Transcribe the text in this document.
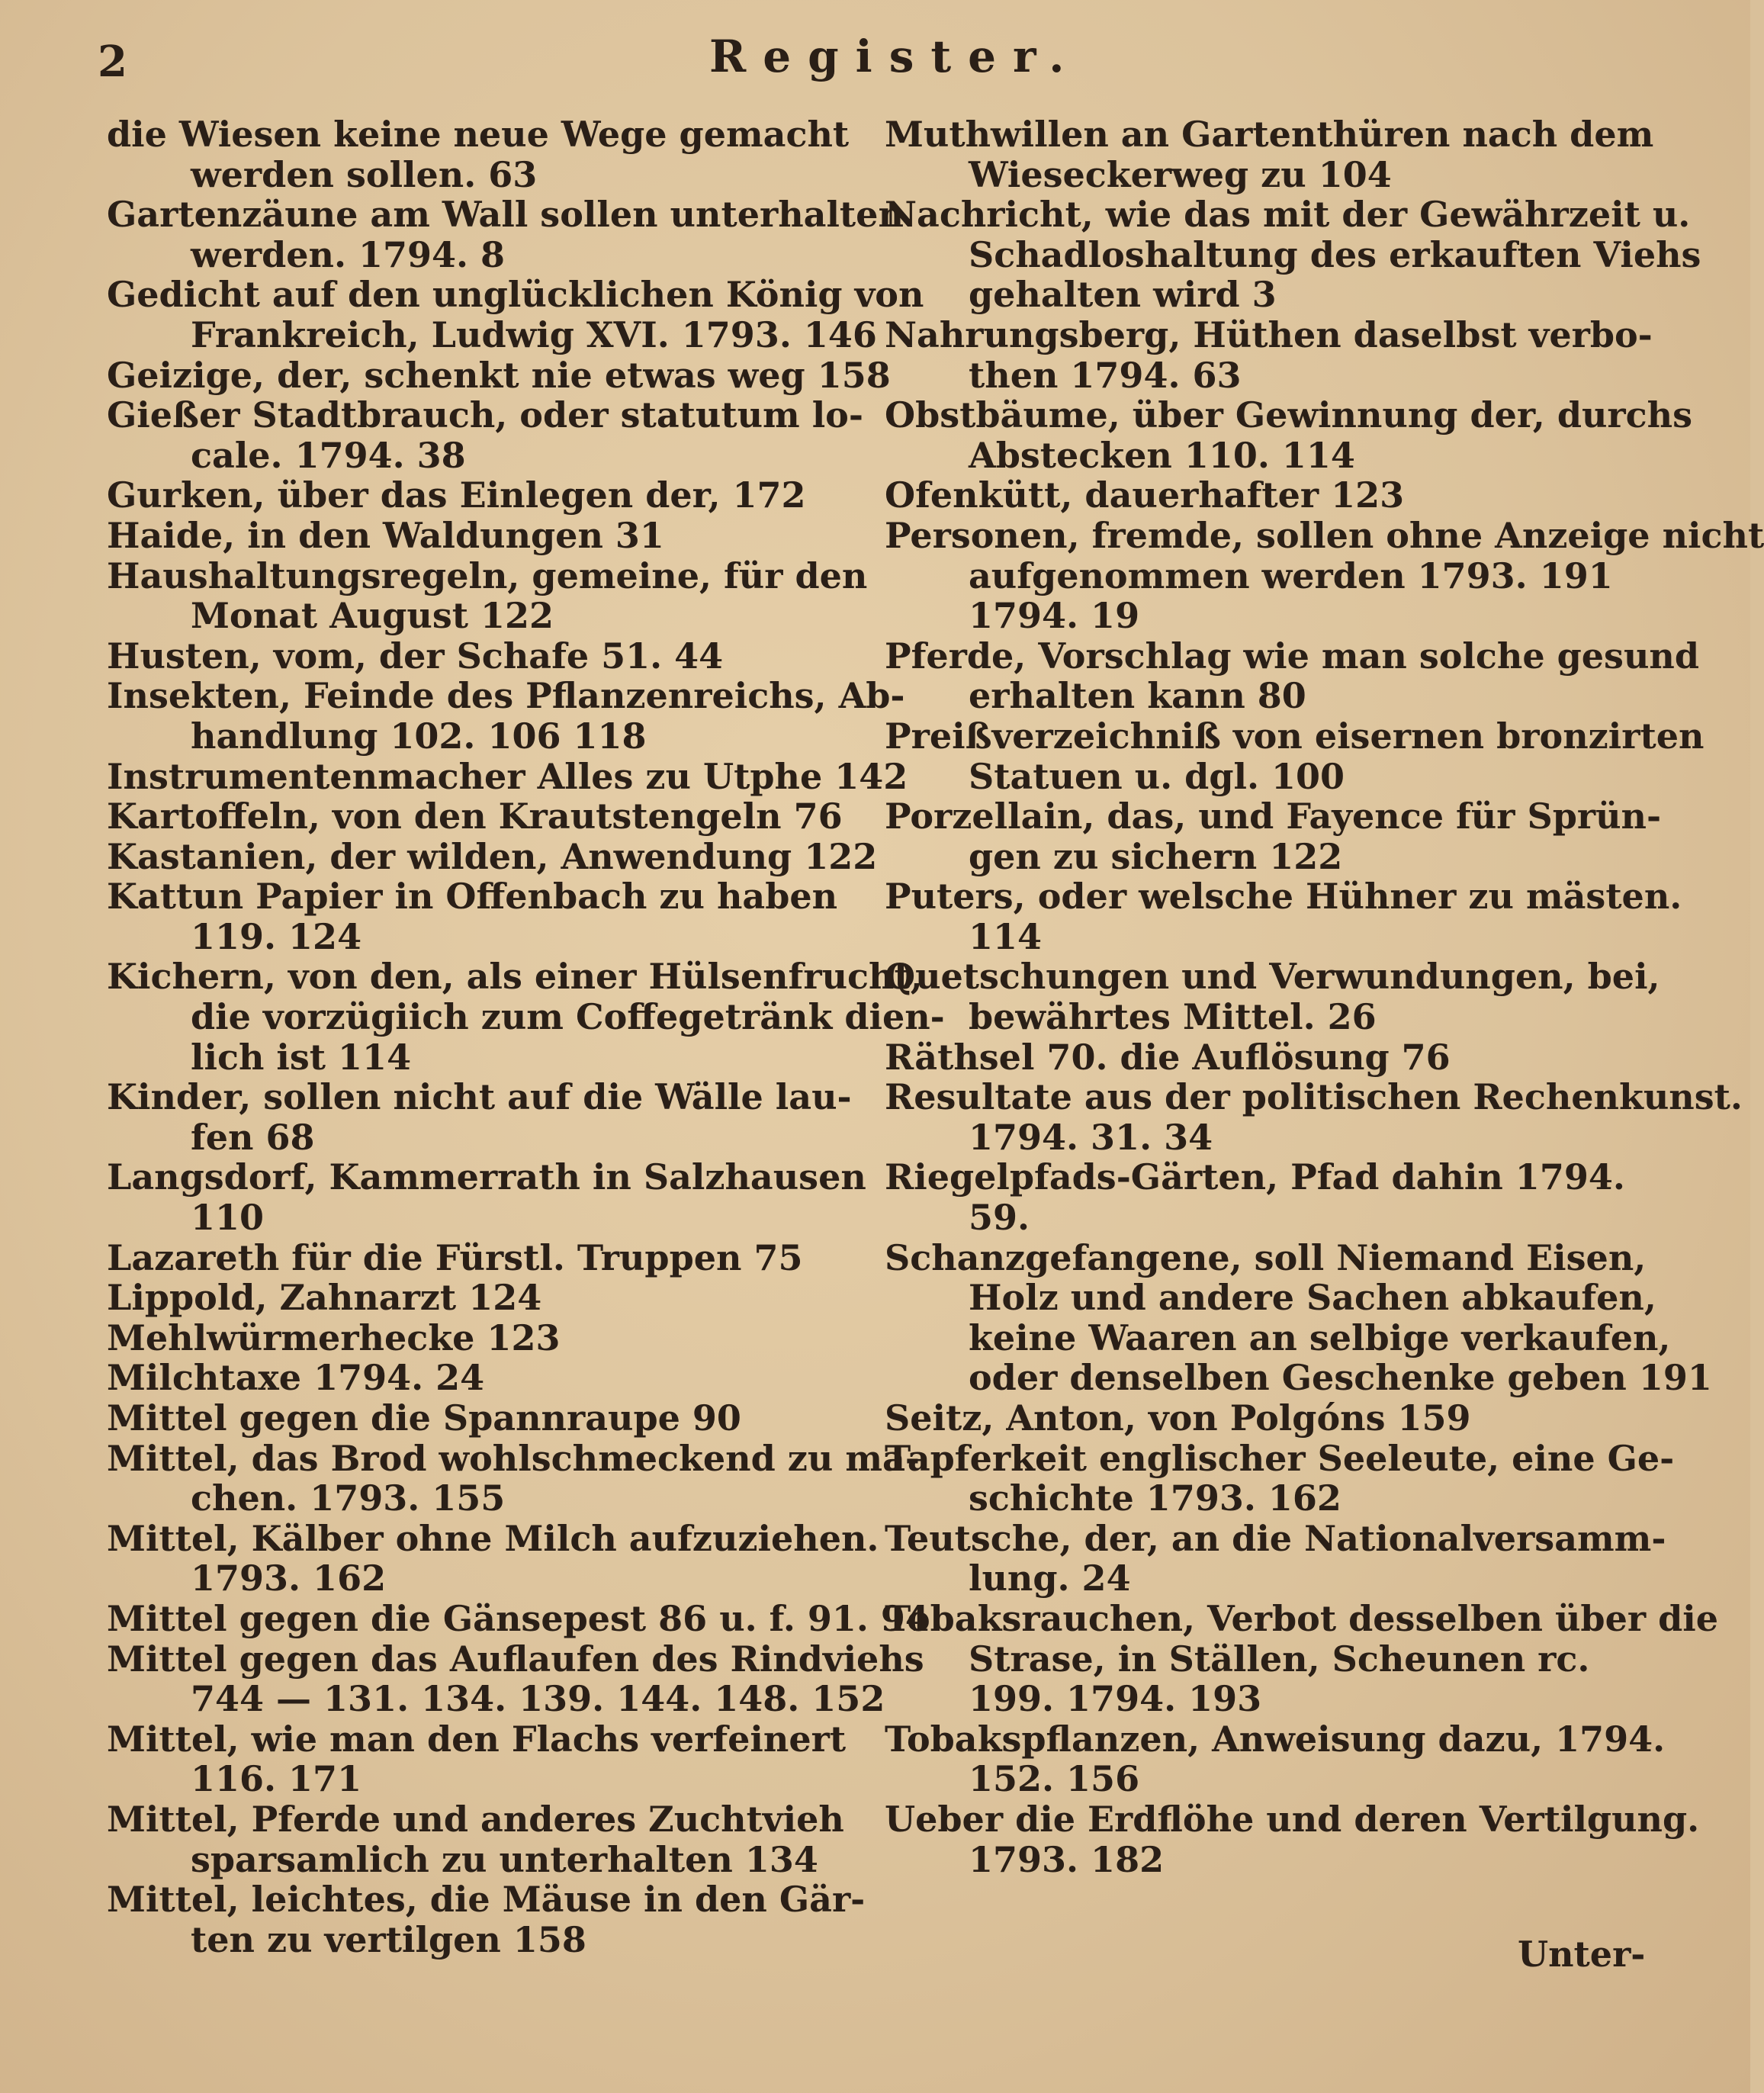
2	Register.
die Wiesen keine neue Wege gemacht
werden sollen. 63
Gartenzäune am Wall sollen unterhalten
werden. 1794. 8
Gedicht auf den unglücklichen König von
Frankreich, Ludwig XVI. 1793. 146
Geizige, der, schenkt nie etwas weg 158
Gießer Stadtbrauch, oder statutum lo-
cale. 1794. 38
Gurken, über das Einlegen der, 172
Haide, in den Waldungen 31
Haushaltungsregeln, gemeine, für den
Monat August 122
Husten, vom, der Schafe 51. 44
Insekten, Feinde des Pflanzenreichs, Ab-
handlung 102. 106 118
Instrumentenmacher Alles zu Utphe 142
Kartoffeln, von den Krautstengeln 76
Kastanien, der wilden, Anwendung 122
Kattun Papier in Offenbach zu haben
119. 124
Kichern, von den, als einer Hülsenfrucht,
die vorzügiich zum Coffegetränk dien-
lich ist 114
Kinder, sollen nicht auf die Wälle lau-
fen 68
Langsdorf, Kammerrath in Salzhausen
110
Lazareth für die Fürstl. Truppen 75
Lippold, Zahnarzt 124
Mehlwürmerhecke 123
Milchtaxe 1794. 24
Mittel gegen die Spannraupe 90
Mittel, das Brod wohlschmeckend zu ma-
chen. 1793. 155
Mittel, Kälber ohne Milch aufzuziehen.
1793. 162
Mittel gegen die Gänsepest 86 u. f. 91. 94
Mittel gegen das Auflaufen des Rindviehs
744 — 131. 134. 139. 144. 148. 152
Mittel, wie man den Flachs verfeinert
116. 171
Mittel, Pferde und anderes Zuchtvieh
sparsamlich zu unterhalten 134
Mittel, leichtes, die Mäuse in den Gär-
ten zu vertilgen 158
Muthwillen an Gartenthüren nach dem
Wieseckerweg zu 104
Nachricht, wie das mit der Gewährzeit u.
Schadloshaltung des erkauften Viehs
gehalten wird 3
Nahrungsberg, Hüthen daselbst verbo-
then 1794. 63
Obstbäume, über Gewinnung der, durchs
Abstecken 110. 114
Ofenkütt, dauerhafter 123
Personen, fremde, sollen ohne Anzeige nicht
aufgenommen werden 1793. 191
1794. 19
Pferde, Vorschlag wie man solche gesund
erhalten kann 80
Preißverzeichniß von eisernen bronzirten
Statuen u. dgl. 100
Porzellain, das, und Fayence für Sprün-
gen zu sichern 122
Puters, oder welsche Hühner zu mästen.
114
Quetschungen und Verwundungen, bei,
bewährtes Mittel. 26
Räthsel 70. die Auflösung 76
Resultate aus der politischen Rechenkunst.
1794. 31. 34
Riegelpfads-Gärten, Pfad dahin 1794.
59.
Schanzgefangene, soll Niemand Eisen,
Holz und andere Sachen abkaufen,
keine Waaren an selbige verkaufen,
oder denselben Geschenke geben 191
Seitz, Anton, von Polgóns 159
Tapferkeit englischer Seeleute, eine Ge-
schichte 1793. 162
Teutsche, der, an die Nationalversamm-
lung. 24
Tobaksrauchen, Verbot desselben über die
Strase, in Ställen, Scheunen rc.
199. 1794. 193
Tobakspflanzen, Anweisung dazu, 1794.
152. 156
Ueber die Erdflöhe und deren Vertilgung.
1793. 182
Unter-
